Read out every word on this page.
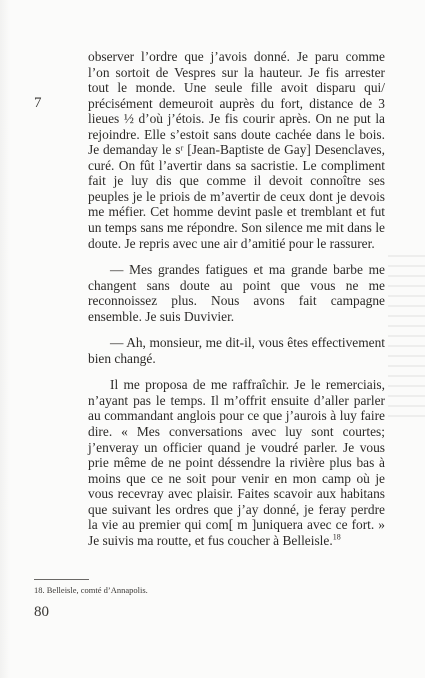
7

observer l’ordre que j’avois donné. Je paru comme l’on sortoit de Vespres sur la hauteur. Je fis arrester tout le monde. Une seule fille avoit disparu qui/ précisément demeuroit auprès du fort, distance de 3 lieues ½ d’où j’étois. Je fis courir après. On ne put la rejoindre. Elle s’estoit sans doute cachée dans le bois. Je demanday le sʳ [Jean-Baptiste de Gay] Desenclaves, curé. On fût l’avertir dans sa sacristie. Le compliment fait je luy dis que comme il devoit connoître ses peuples je le priois de m’avertir de ceux dont je devois me méfier. Cet homme devint pasle et tremblant et fut un temps sans me répondre. Son silence me mit dans le doute. Je repris avec une air d’amitié pour le rassurer.

— Mes grandes fatigues et ma grande barbe me changent sans doute au point que vous ne me reconnoissez plus. Nous avons fait campagne ensemble. Je suis Duvivier.

— Ah, monsieur, me dit-il, vous êtes effectivement bien changé.

Il me proposa de me raffraîchir. Je le remerciais, n’ayant pas le temps. Il m’offrit ensuite d’aller parler au commandant anglois pour ce que j’aurois à luy faire dire. « Mes conversations avec luy sont courtes; j’enveray un officier quand je voudré parler. Je vous prie même de ne point déssendre la rivière plus bas à moins que ce ne soit pour venir en mon camp où je vous recevray avec plaisir. Faites scavoir aux habitans que suivant les ordres que j’ay donné, je feray perdre la vie au premier qui com[ m ]uniquera avec ce fort. » Je suivis ma routte, et fus coucher à Belleisle.$^{18}$

18. Belleisle, comté d’Annapolis.
80
